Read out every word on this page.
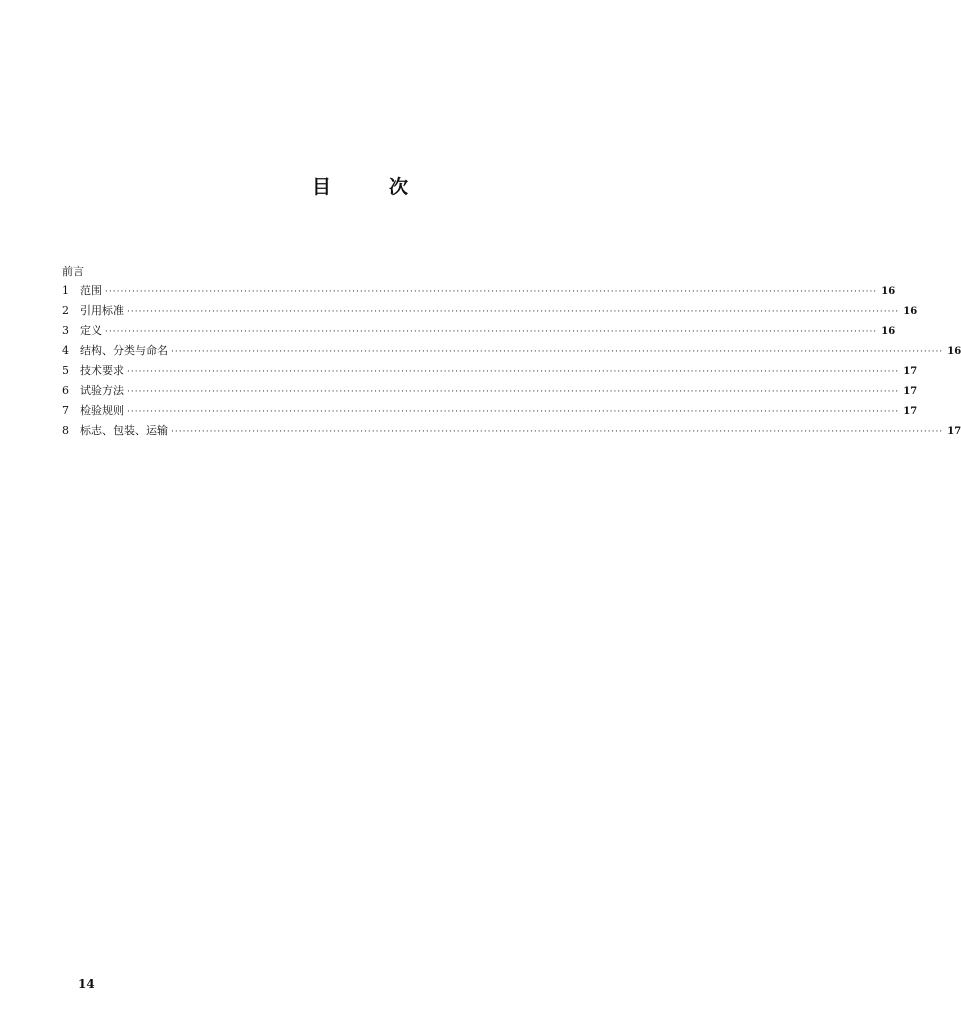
目	次
前言
1	范围 ········································································································································································································ 16
2	引用标准 ········································································································································································································ 16
3	定义 ········································································································································································································ 16
4	结构、分类与命名 ········································································································································································································ 16
5	技术要求 ········································································································································································································ 17
6	试验方法 ········································································································································································································ 17
7	检验规则 ········································································································································································································ 17
8	标志、包装、运输 ········································································································································································································ 17
14
